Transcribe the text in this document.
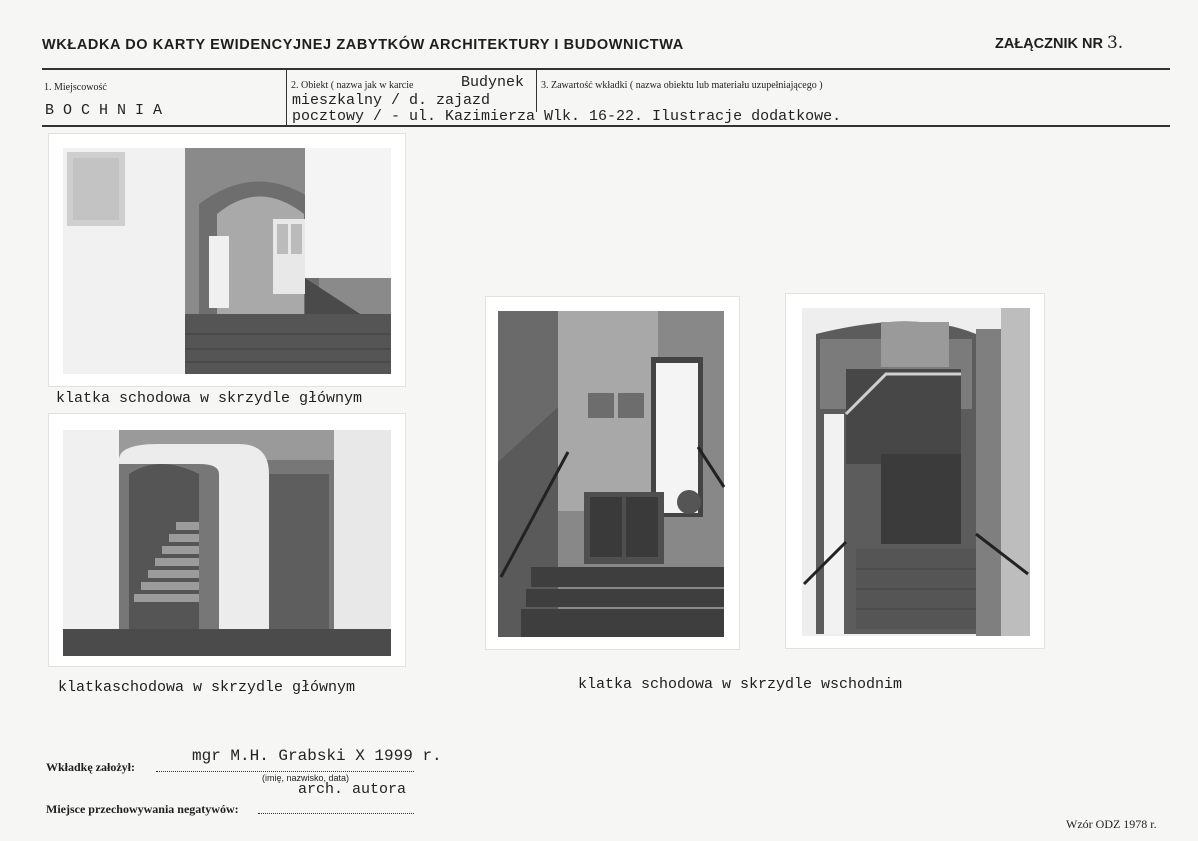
WKŁADKA DO KARTY EWIDENCYJNEJ ZABYTKÓW ARCHITEKTURY I BUDOWNICTWA	ZAŁĄCZNIK NR 3.
1. Miejscowość
BOCHNIA
2. Obiekt ( nazwa jak w karcie	Budynek
mieszkalny / d. zajazd
pocztowy / - ul. Kazimierza Wlk. 16-22. Ilustracje dodatkowe.
3. Zawartość wkładki ( nazwa obiektu lub materiału uzupełniającego )
klatka schodowa w skrzydle głównym
klatkaschodowa w skrzydle głównym	klatka schodowa w skrzydle wschodnim
mgr M.H. Grabski X 1999 r.
Wkładkę założył:
(imię, nazwisko, data)
arch. autora
Miejsce przechowywania negatywów:
Wzór ODZ 1978 r.
